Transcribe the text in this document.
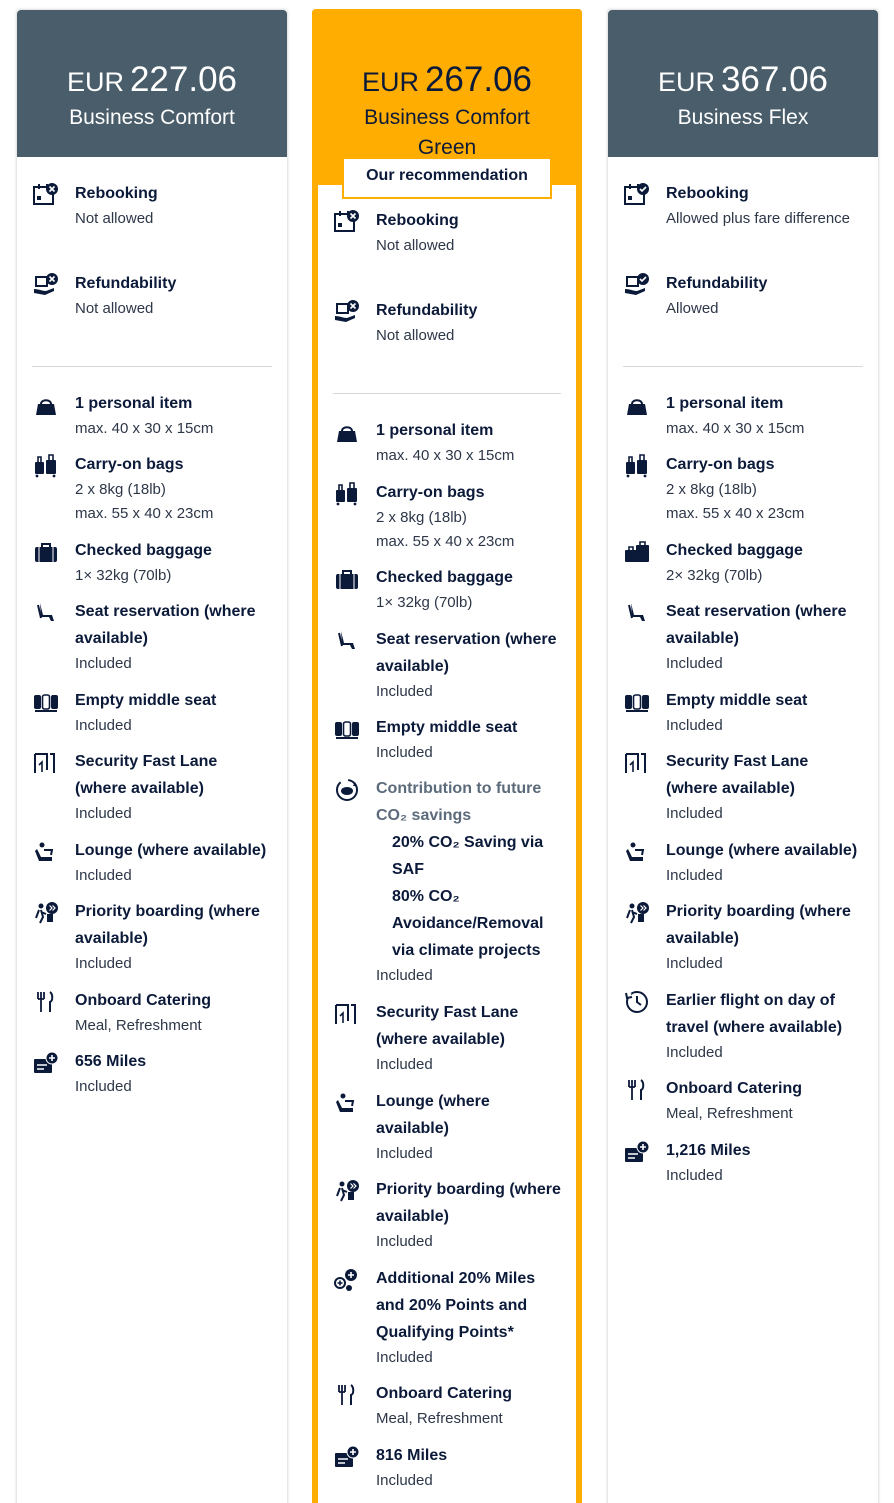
EUR 227.06
Business Comfort
Rebooking
Not allowed
Refundability
Not allowed
1 personal item
max. 40 x 30 x 15cm
Carry-on bags
2 x 8kg (18lb)
max. 55 x 40 x 23cm
Checked baggage
1× 32kg (70lb)
Seat reservation (where available)
Included
Empty middle seat
Included
Security Fast Lane (where available)
Included
Lounge (where available)
Included
Priority boarding (where available)
Included
Onboard Catering
Meal, Refreshment
656 Miles
Included
EUR 267.06
Business Comfort Green
Rebooking
Not allowed
Refundability
Not allowed
1 personal item
max. 40 x 30 x 15cm
Carry-on bags
2 x 8kg (18lb)
max. 55 x 40 x 23cm
Checked baggage
1× 32kg (70lb)
Seat reservation (where available)
Included
Empty middle seat
Included
Contribution to future CO₂ savings
20% CO₂ Saving via SAF
80% CO₂ Avoidance/Removal via climate projects
Included
Security Fast Lane (where available)
Included
Lounge (where available)
Included
Priority boarding (where available)
Included
Additional 20% Miles and 20% Points and Qualifying Points*
Included
Onboard Catering
Meal, Refreshment
816 Miles
Included
Our recommendation
EUR 367.06
Business Flex
Rebooking
Allowed plus fare difference
Refundability
Allowed
1 personal item
max. 40 x 30 x 15cm
Carry-on bags
2 x 8kg (18lb)
max. 55 x 40 x 23cm
Checked baggage
2× 32kg (70lb)
Seat reservation (where available)
Included
Empty middle seat
Included
Security Fast Lane (where available)
Included
Lounge (where available)
Included
Priority boarding (where available)
Included
Earlier flight on day of travel (where available)
Included
Onboard Catering
Meal, Refreshment
1,216 Miles
Included
